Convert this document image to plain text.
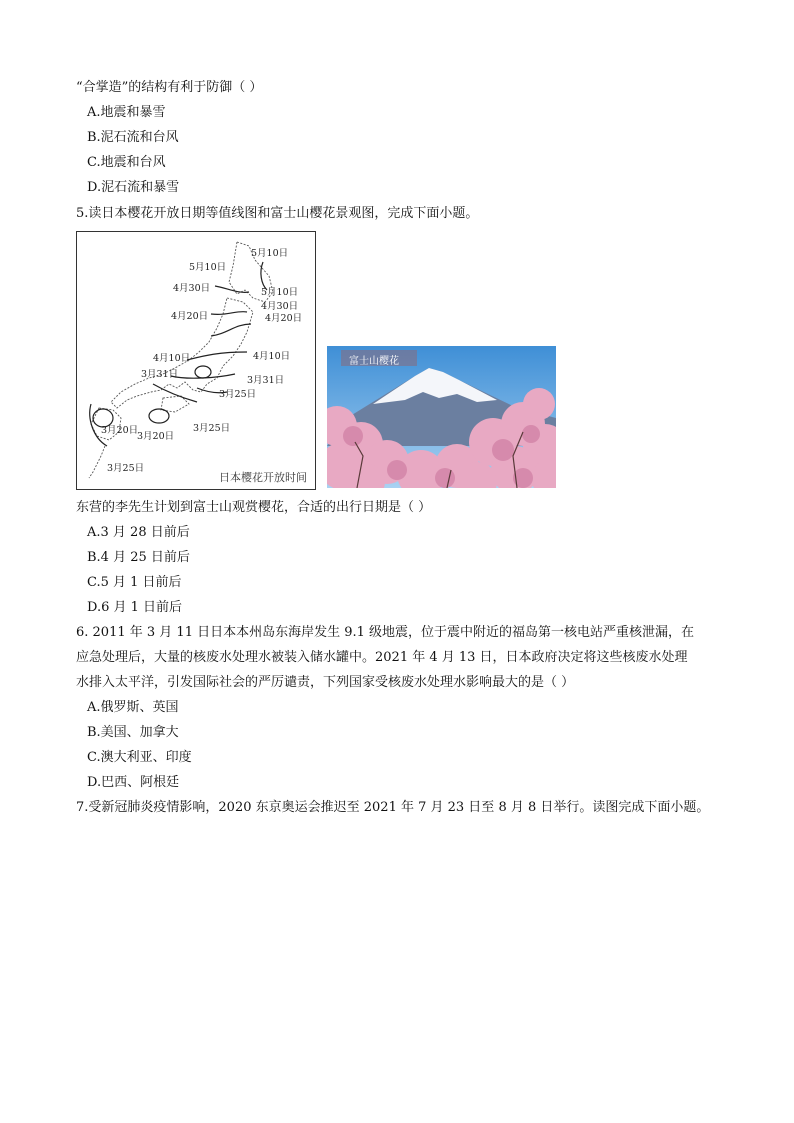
“合掌造”的结构有利于防御（ ）
A.地震和暴雪
B.泥石流和台风
C.地震和台风
D.泥石流和暴雪
5.读日本樱花开放日期等值线图和富士山樱花景观图，完成下面小题。
5月10日
5月10日
4月30日	5月10日
4月30日
4月20日	4月20日
4月10日	4月10日
3月31日
3月31日
3月25日
3月20日
3月20日
3月25日
3月25日
日本樱花开放时间
富士山樱花
东营的李先生计划到富士山观赏樱花，合适的出行日期是（ ）
A.3 月 28 日前后
B.4 月 25 日前后
C.5 月 1 日前后
D.6 月 1 日前后
6. 2011 年 3 月 11 日日本本州岛东海岸发生 9.1 级地震，位于震中附近的福岛第一核电站严重核泄漏，在
应急处理后，大量的核废水处理水被装入储水罐中。2021 年 4 月 13 日，日本政府决定将这些核废水处理
水排入太平洋，引发国际社会的严厉谴责，下列国家受核废水处理水影响最大的是（ ）
A.俄罗斯、英国
B.美国、加拿大
C.澳大利亚、印度
D.巴西、阿根廷
7.受新冠肺炎疫情影响，2020 东京奥运会推迟至 2021 年 7 月 23 日至 8 月 8 日举行。读图完成下面小题。
